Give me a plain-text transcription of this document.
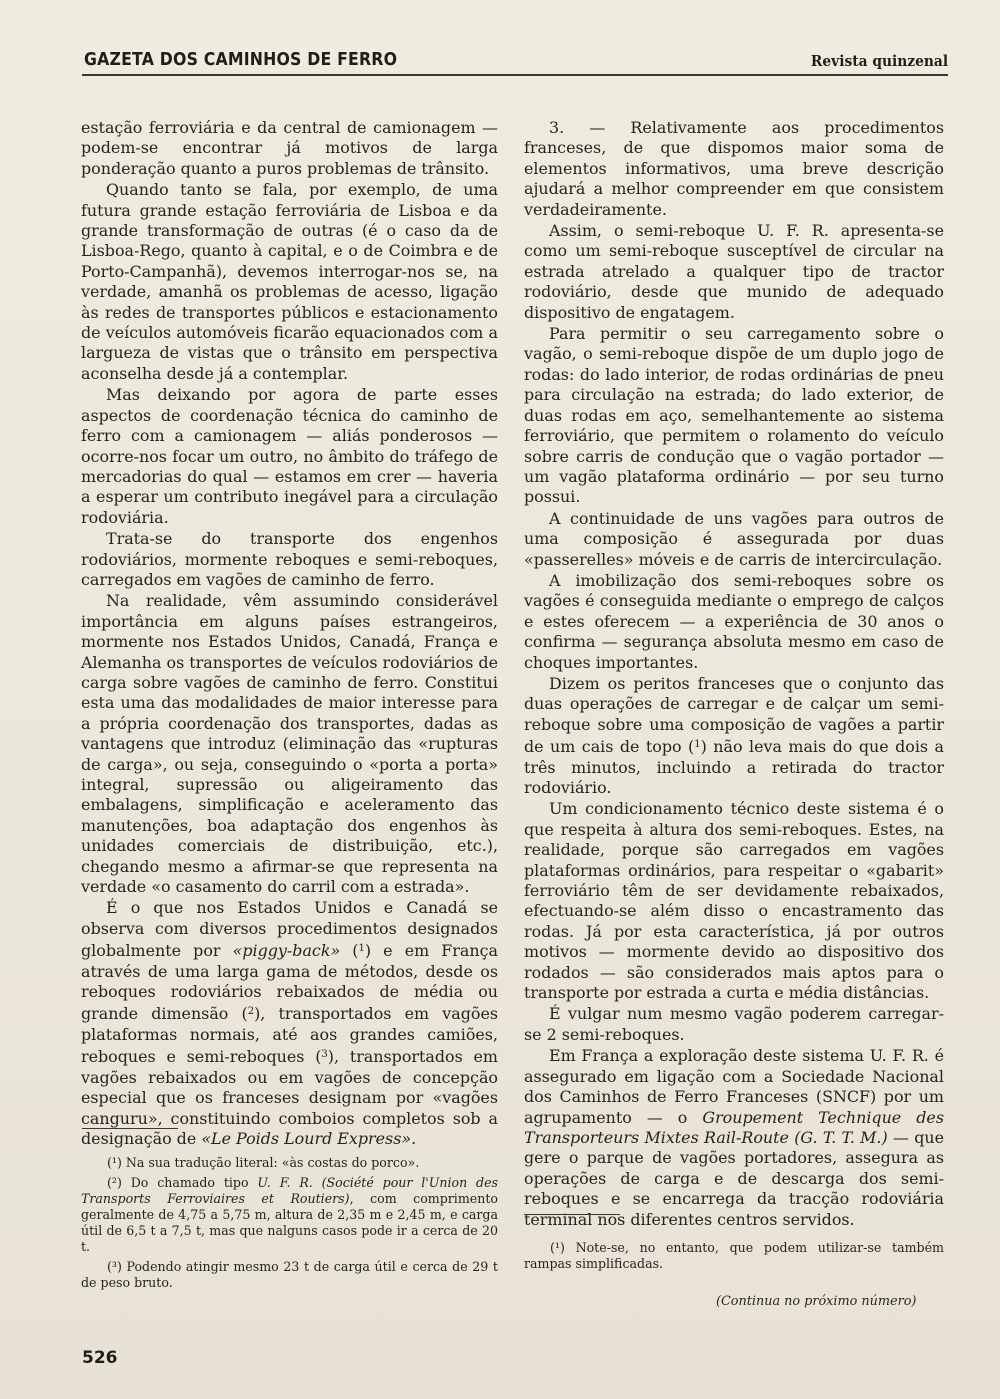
GAZETA DOS CAMINHOS DE FERRO	Revista quinzenal

estação ferroviária e da central de camionagem — podem-se encontrar já motivos de larga ponderação quanto a puros problemas de trânsito.

Quando tanto se fala, por exemplo, de uma futura grande estação ferroviária de Lisboa e da grande transformação de outras (é o caso da de Lisboa-Rego, quanto à capital, e o de Coimbra e de Porto-Campanhã), devemos interrogar-nos se, na verdade, amanhã os problemas de acesso, ligação às redes de transportes públicos e estacionamento de veículos automóveis ficarão equacionados com a largueza de vistas que o trânsito em perspectiva aconselha desde já a contemplar.

Mas deixando por agora de parte esses aspectos de coordenação técnica do caminho de ferro com a camionagem — aliás ponderosos — ocorre-nos focar um outro, no âmbito do tráfego de mercadorias do qual — estamos em crer — haveria a esperar um contributo inegável para a circulação rodoviária.

Trata-se do transporte dos engenhos rodoviários, mormente reboques e semi-reboques, carregados em vagões de caminho de ferro.

Na realidade, vêm assumindo considerável importância em alguns países estrangeiros, mormente nos Estados Unidos, Canadá, França e Alemanha os transportes de veículos rodoviários de carga sobre vagões de caminho de ferro. Constitui esta uma das modalidades de maior interesse para a própria coordenação dos transportes, dadas as vantagens que introduz (eliminação das «rupturas de carga», ou seja, conseguindo o «porta a porta» integral, supressão ou aligeiramento das embalagens, simplificação e aceleramento das manutenções, boa adaptação dos engenhos às unidades comerciais de distribuição, etc.), chegando mesmo a afirmar-se que representa na verdade «o casamento do carril com a estrada».

É o que nos Estados Unidos e Canadá se observa com diversos procedimentos designados globalmente por «piggy-back» ($^1$) e em França através de uma larga gama de métodos, desde os reboques rodoviários rebaixados de média ou grande dimensão ($^2$), transportados em vagões plataformas normais, até aos grandes camiões, reboques e semi-reboques ($^3$), transportados em vagões rebaixados ou em vagões de concepção especial que os franceses designam por «vagões canguru», constituindo comboios completos sob a designação de «Le Poids Lourd Express».

(¹) Na sua tradução literal: «às costas do porco».

(²) Do chamado tipo U. F. R. (Société pour l'Union des Transports Ferroviaires et Routiers), com comprimento geralmente de 4,75 a 5,75 m, altura de 2,35 m e 2,45 m, e carga útil de 6,5 t a 7,5 t, mas que nalguns casos pode ir a cerca de 20 t.

(³) Podendo atingir mesmo 23 t de carga útil e cerca de 29 t de peso bruto.

3. — Relativamente aos procedimentos franceses, de que dispomos maior soma de elementos informativos, uma breve descrição ajudará a melhor compreender em que consistem verdadeiramente.

Assim, o semi-reboque U. F. R. apresenta-se como um semi-reboque susceptível de circular na estrada atrelado a qualquer tipo de tractor rodoviário, desde que munido de adequado dispositivo de engatagem.

Para permitir o seu carregamento sobre o vagão, o semi-reboque dispõe de um duplo jogo de rodas: do lado interior, de rodas ordinárias de pneu para circulação na estrada; do lado exterior, de duas rodas em aço, semelhantemente ao sistema ferroviário, que permitem o rolamento do veículo sobre carris de condução que o vagão portador — um vagão plataforma ordinário — por seu turno possui.

A continuidade de uns vagões para outros de uma composição é assegurada por duas «passerelles» móveis e de carris de intercirculação.

A imobilização dos semi-reboques sobre os vagões é conseguida mediante o emprego de calços e estes oferecem — a experiência de 30 anos o confirma — segurança absoluta mesmo em caso de choques importantes.

Dizem os peritos franceses que o conjunto das duas operações de carregar e de calçar um semi-reboque sobre uma composição de vagões a partir de um cais de topo ($^1$) não leva mais do que dois a três minutos, incluindo a retirada do tractor rodoviário.

Um condicionamento técnico deste sistema é o que respeita à altura dos semi-reboques. Estes, na realidade, porque são carregados em vagões plataformas ordinários, para respeitar o «gabarit» ferroviário têm de ser devidamente rebaixados, efectuando-se além disso o encastramento das rodas. Já por esta característica, já por outros motivos — mormente devido ao dispositivo dos rodados — são considerados mais aptos para o transporte por estrada a curta e média distâncias.

É vulgar num mesmo vagão poderem carregar-se 2 semi-reboques.

Em França a exploração deste sistema U. F. R. é assegurado em ligação com a Sociedade Nacional dos Caminhos de Ferro Franceses (SNCF) por um agrupamento — o Groupement Technique des Transporteurs Mixtes Rail-Route (G. T. T. M.) — que gere o parque de vagões portadores, assegura as operações de carga e de descarga dos semi-reboques e se encarrega da tracção rodoviária terminal nos diferentes centros servidos.

(¹) Note-se, no entanto, que podem utilizar-se também rampas simplificadas.

(Continua no próximo número)
526
